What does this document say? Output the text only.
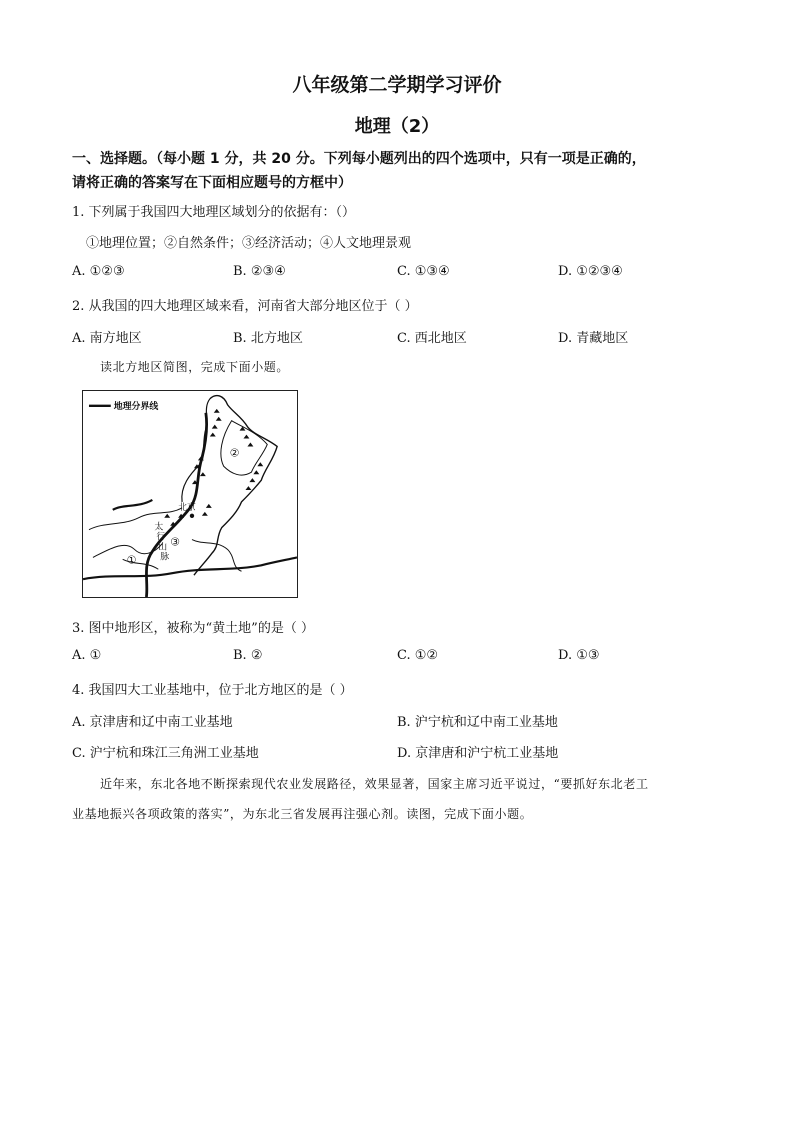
八年级第二学期学习评价
地理（2）
一、选择题。（每小题 1 分，共 20 分。下列每小题列出的四个选项中，只有一项是正确的，
请将正确的答案写在下面相应题号的方框中）
1. 下列属于我国四大地理区域划分的依据有：（）
①地理位置；②自然条件；③经济活动；④人文地理景观
A. ①②③	B. ②③④	C. ①③④	D. ①②③④
2. 从我国的四大地理区域来看，河南省大部分地区位于（ ）
A. 南方地区	B. 北方地区	C. 西北地区	D. 青藏地区
读北方地区简图，完成下面小题。
地理分界线
北京
太
行
山
脉
①
②
③
3. 图中地形区，被称为“黄土地”的是（ ）
A. ①	B. ②	C. ①②	D. ①③
4. 我国四大工业基地中，位于北方地区的是（ ）
A. 京津唐和辽中南工业基地	B. 沪宁杭和辽中南工业基地
C. 沪宁杭和珠江三角洲工业基地	D. 京津唐和沪宁杭工业基地
近年来，东北各地不断探索现代农业发展路径，效果显著，国家主席习近平说过，“要抓好东北老工
业基地振兴各项政策的落实”，为东北三省发展再注强心剂。读图，完成下面小题。
